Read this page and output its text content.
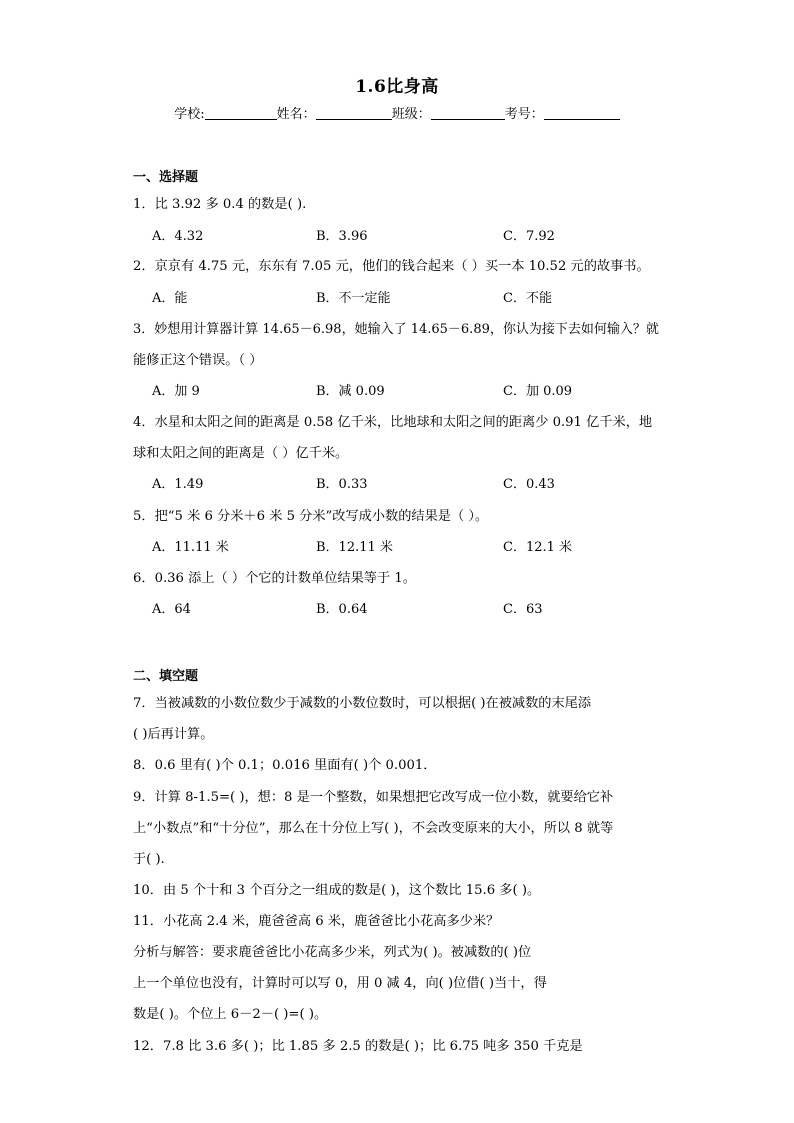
1.6比身高
学校:	姓名：	班级：	考号：
一、选择题
1．比 3.92 多 0.4 的数是( ).
A．4.32	B．3.96	C．7.92
2．京京有 4.75 元，东东有 7.05 元，他们的钱合起来（ ）买一本 10.52 元的故事书。
A．能	B．不一定能	C．不能
3．妙想用计算器计算 14.65－6.98，她输入了 14.65－6.89，你认为接下去如何输入？就
能修正这个错误。（ ）
A．加 9	B．减 0.09	C．加 0.09
4．水星和太阳之间的距离是 0.58 亿千米，比地球和太阳之间的距离少 0.91 亿千米，地
球和太阳之间的距离是（ ）亿千米。
A．1.49	B．0.33	C．0.43
5．把“5 米 6 分米＋6 米 5 分米”改写成小数的结果是（ ）。
A．11.11 米	B．12.11 米	C．12.1 米
6．0.36 添上（ ）个它的计数单位结果等于 1。
A．64	B．0.64	C．63
二、填空题
7．当被减数的小数位数少于减数的小数位数时，可以根据( )在被减数的末尾添
( )后再计算。
8．0.6 里有( )个 0.1；0.016 里面有( )个 0.001．
9．计算 8-1.5=( )，想：8 是一个整数，如果想把它改写成一位小数，就要给它补
上“小数点”和“十分位”，那么在十分位上写( )，不会改变原来的大小，所以 8 就等
于( ).
10．由 5 个十和 3 个百分之一组成的数是( )，这个数比 15.6 多( )。
11．小花高 2.4 米，鹿爸爸高 6 米，鹿爸爸比小花高多少米？
分析与解答：要求鹿爸爸比小花高多少米，列式为( )。被减数的( )位
上一个单位也没有，计算时可以写 0，用 0 减 4，向( )位借( )当十，得
数是( )。个位上 6－2－( )=( )。
12．7.8 比 3.6 多( )；比 1.85 多 2.5 的数是( )；比 6.75 吨多 350 千克是
